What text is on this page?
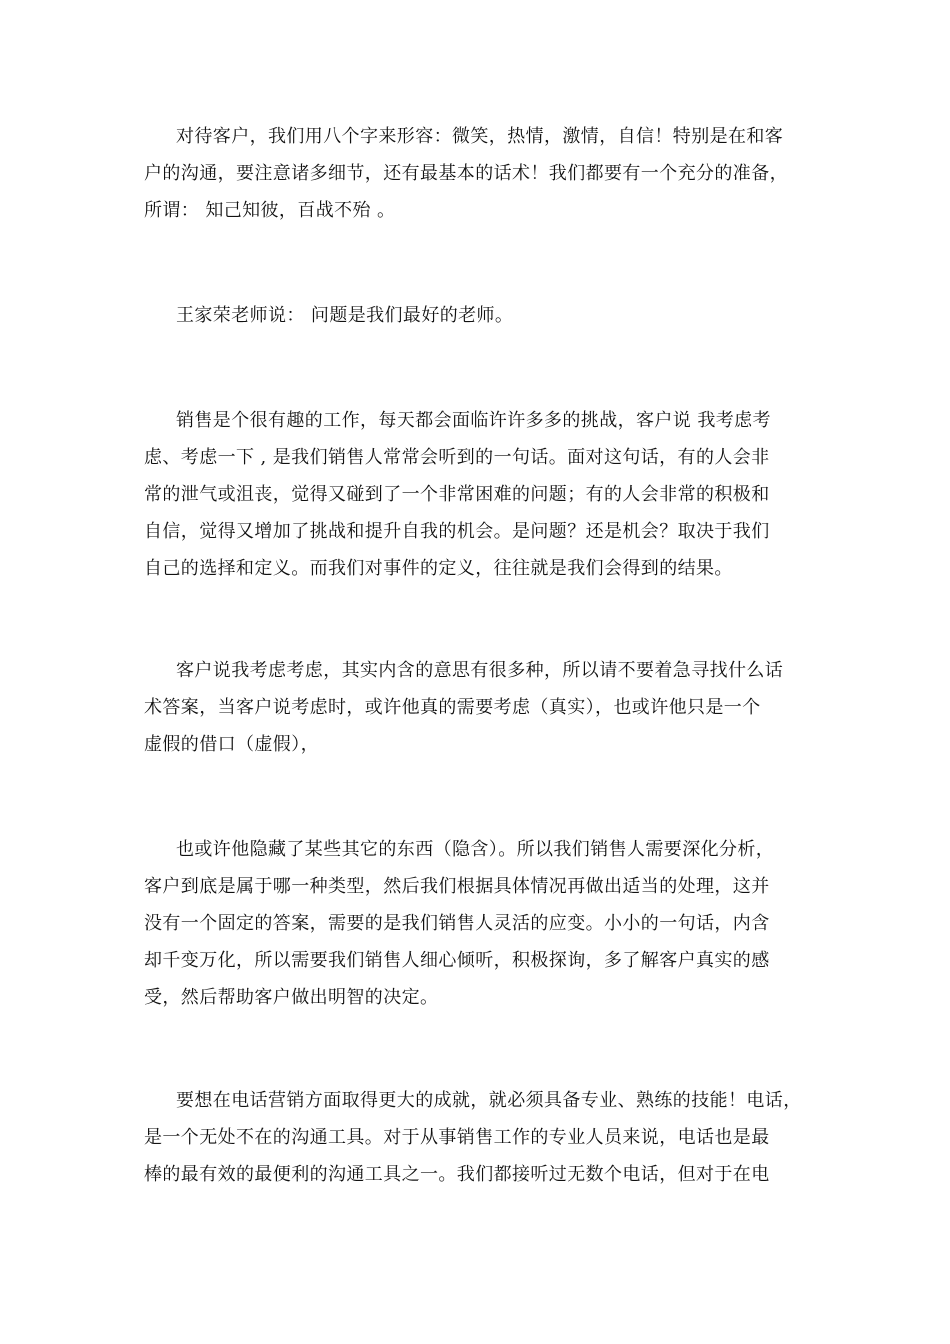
对待客户，我们用八个字来形容：微笑，热情，激情，自信！特别是在和客
户的沟通，要注意诸多细节，还有最基本的话术！我们都要有一个充分的准备，
所谓： 知己知彼，百战不殆 。
王家荣老师说： 问题是我们最好的老师。
销售是个很有趣的工作，每天都会面临许许多多的挑战，客户说 我考虑考
虑、考虑一下 , 是我们销售人常常会听到的一句话。面对这句话，有的人会非
常的泄气或沮丧，觉得又碰到了一个非常困难的问题；有的人会非常的积极和
自信，觉得又增加了挑战和提升自我的机会。是问题？还是机会？取决于我们
自己的选择和定义。而我们对事件的定义，往往就是我们会得到的结果。
客户说我考虑考虑，其实内含的意思有很多种，所以请不要着急寻找什么话
术答案，当客户说考虑时，或许他真的需要考虑（真实），也或许他只是一个
虚假的借口（虚假），
也或许他隐藏了某些其它的东西（隐含）。所以我们销售人需要深化分析，
客户到底是属于哪一种类型，然后我们根据具体情况再做出适当的处理，这并
没有一个固定的答案，需要的是我们销售人灵活的应变。小小的一句话，内含
却千变万化，所以需要我们销售人细心倾听，积极探询，多了解客户真实的感
受，然后帮助客户做出明智的决定。
要想在电话营销方面取得更大的成就，就必须具备专业、熟练的技能！电话，
是一个无处不在的沟通工具。对于从事销售工作的专业人员来说，电话也是最
棒的最有效的最便利的沟通工具之一。我们都接听过无数个电话，但对于在电
